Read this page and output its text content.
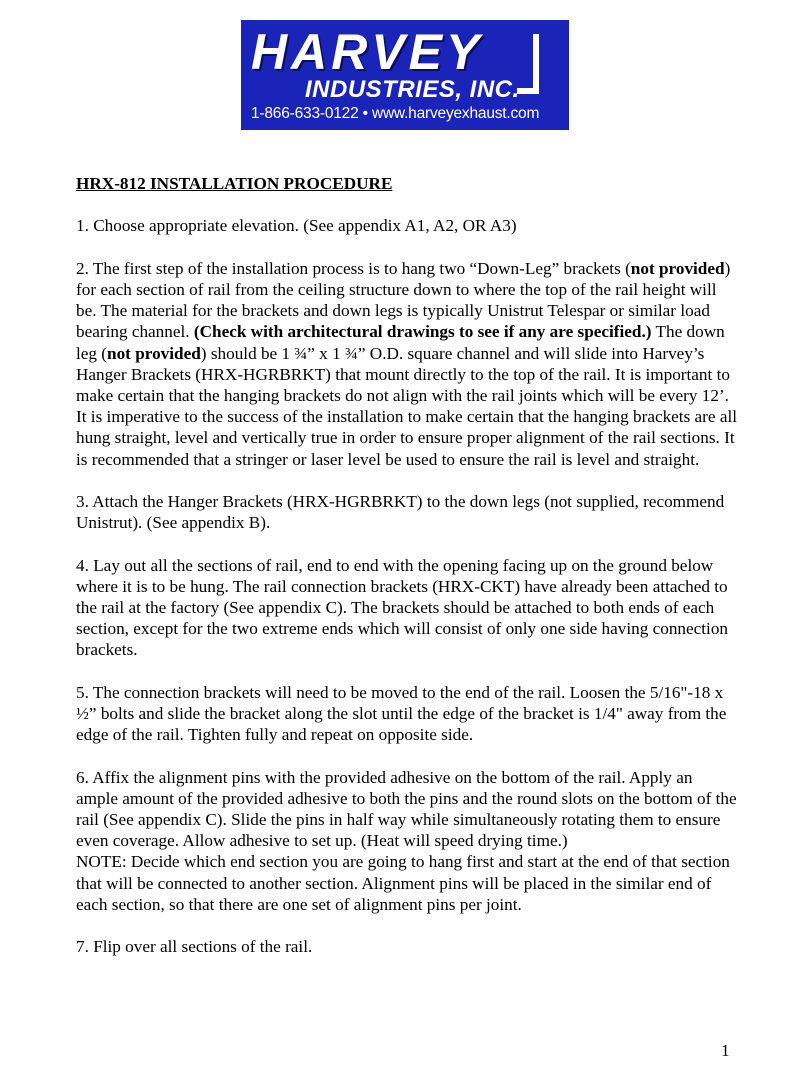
HARVEY
INDUSTRIES, INC.
1-866-633-0122 • www.harveyexhaust.com

HRX-812 INSTALLATION PROCEDURE

1. Choose appropriate elevation. (See appendix A1, A2, OR A3)

2. The first step of the installation process is to hang two “Down-Leg” brackets (not provided) for each section of rail from the ceiling structure down to where the top of the rail height will be. The material for the brackets and down legs is typically Unistrut Telespar or similar load bearing channel. (Check with architectural drawings to see if any are specified.) The down leg (not provided) should be 1 ¾” x 1 ¾” O.D. square channel and will slide into Harvey’s Hanger Brackets (HRX-HGRBRKT) that mount directly to the top of the rail. It is important to make certain that the hanging brackets do not align with the rail joints which will be every 12’. It is imperative to the success of the installation to make certain that the hanging brackets are all hung straight, level and vertically true in order to ensure proper alignment of the rail sections. It is recommended that a stringer or laser level be used to ensure the rail is level and straight.

3. Attach the Hanger Brackets (HRX-HGRBRKT) to the down legs (not supplied, recommend Unistrut). (See appendix B).

4. Lay out all the sections of rail, end to end with the opening facing up on the ground below where it is to be hung. The rail connection brackets (HRX-CKT) have already been attached to the rail at the factory (See appendix C). The brackets should be attached to both ends of each section, except for the two extreme ends which will consist of only one side having connection brackets.

5. The connection brackets will need to be moved to the end of the rail. Loosen the 5/16"-18 x ½” bolts and slide the bracket along the slot until the edge of the bracket is 1/4" away from the edge of the rail. Tighten fully and repeat on opposite side.

6. Affix the alignment pins with the provided adhesive on the bottom of the rail. Apply an ample amount of the provided adhesive to both the pins and the round slots on the bottom of the rail (See appendix C). Slide the pins in half way while simultaneously rotating them to ensure even coverage. Allow adhesive to set up. (Heat will speed drying time.)

NOTE: Decide which end section you are going to hang first and start at the end of that section that will be connected to another section. Alignment pins will be placed in the similar end of each section, so that there are one set of alignment pins per joint.

7. Flip over all sections of the rail.

1
